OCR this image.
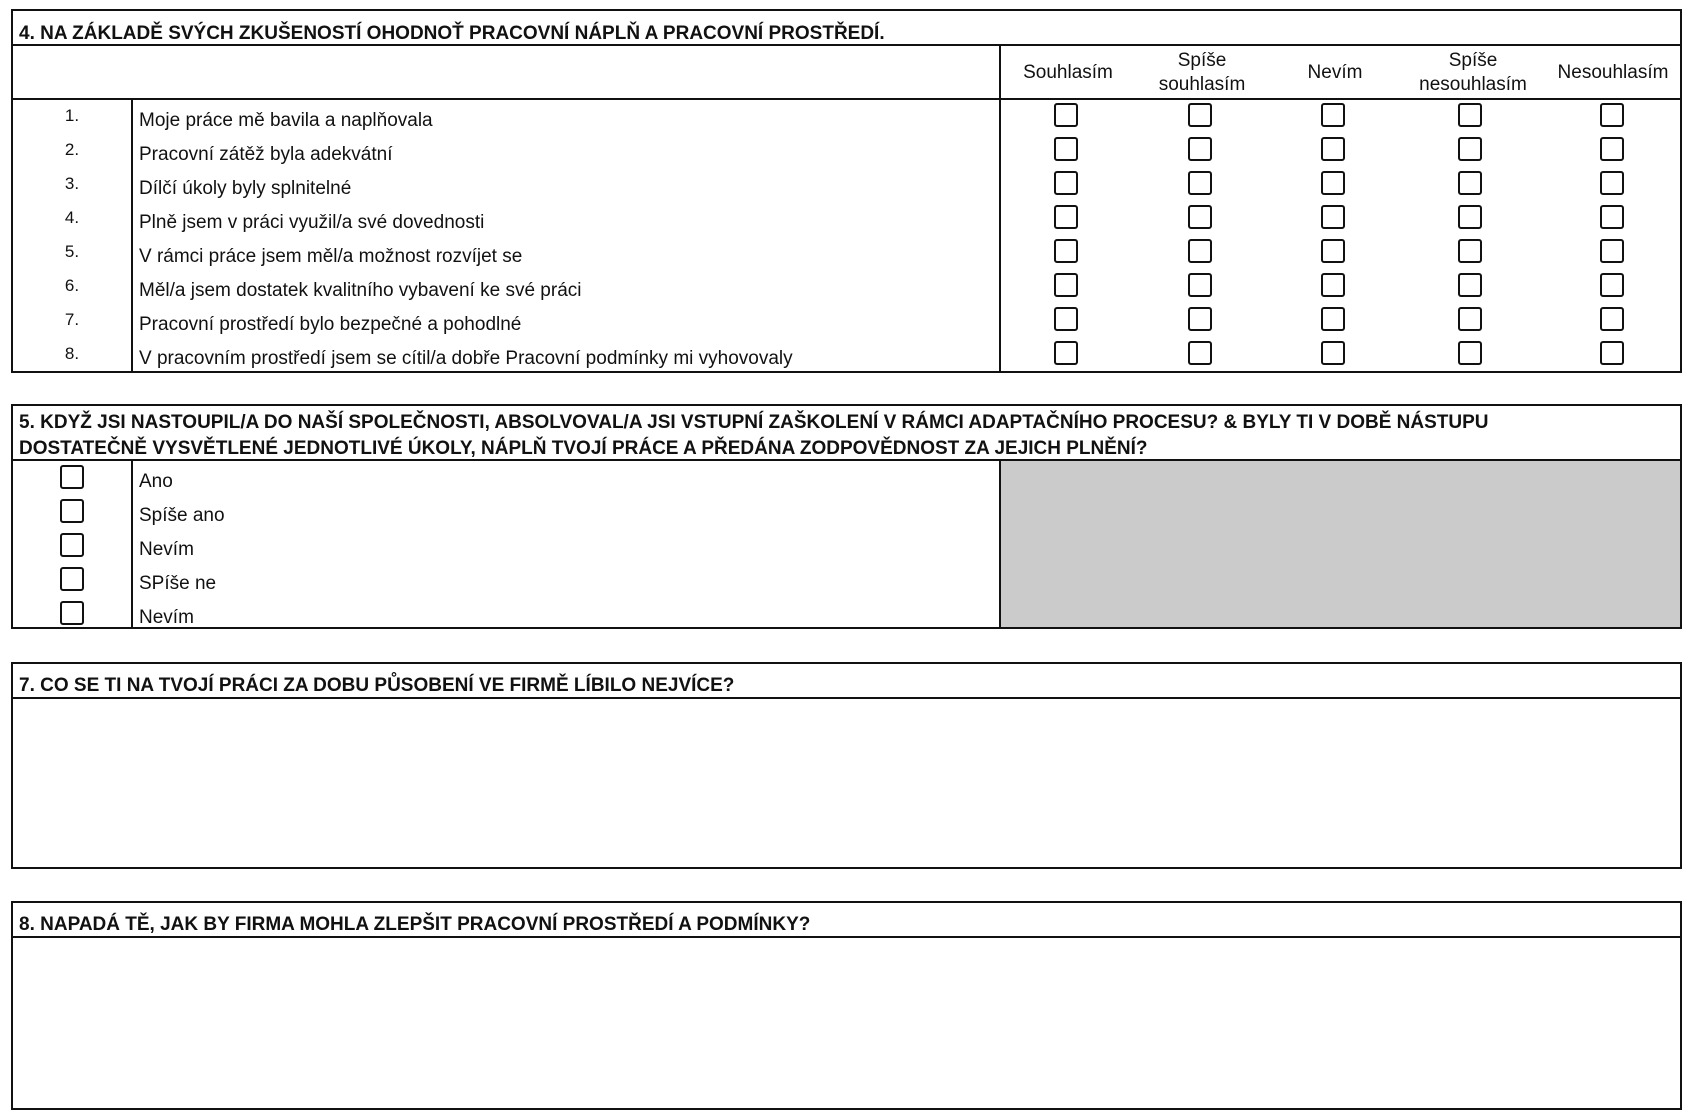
4. NA ZÁKLADĚ SVÝCH ZKUŠENOSTÍ OHODNOŤ PRACOVNÍ NÁPLŇ A PRACOVNÍ PROSTŘEDÍ.
Souhlasím
Spíše
souhlasím
Nevím
Spíše
nesouhlasím
Nesouhlasím
1.
2.
3.
4.
5.
6.
7.
8.
Moje práce mě bavila a naplňovala
Pracovní zátěž byla adekvátní
Dílčí úkoly byly splnitelné
Plně jsem v práci využil/a své dovednosti
V rámci práce jsem měl/a možnost rozvíjet se
Měl/a jsem dostatek kvalitního vybavení ke své práci
Pracovní prostředí bylo bezpečné a pohodlné
V pracovním prostředí jsem se cítil/a dobře Pracovní podmínky mi vyhovovaly
5. KDYŽ JSI NASTOUPIL/A DO NAŠÍ SPOLEČNOSTI, ABSOLVOVAL/A JSI VSTUPNÍ ZAŠKOLENÍ V RÁMCI ADAPTAČNÍHO PROCESU? & BYLY TI V DOBĚ NÁSTUPU
DOSTATEČNĚ VYSVĚTLENÉ JEDNOTLIVÉ ÚKOLY, NÁPLŇ TVOJÍ PRÁCE A PŘEDÁNA ZODPOVĚDNOST ZA JEJICH PLNĚNÍ?
Ano
Spíše ano
Nevím
SPíše ne
Nevím
7. CO SE TI NA TVOJÍ PRÁCI ZA DOBU PŮSOBENÍ VE FIRMĚ LÍBILO NEJVÍCE?
8. NAPADÁ TĚ, JAK BY FIRMA MOHLA ZLEPŠIT PRACOVNÍ PROSTŘEDÍ A PODMÍNKY?
